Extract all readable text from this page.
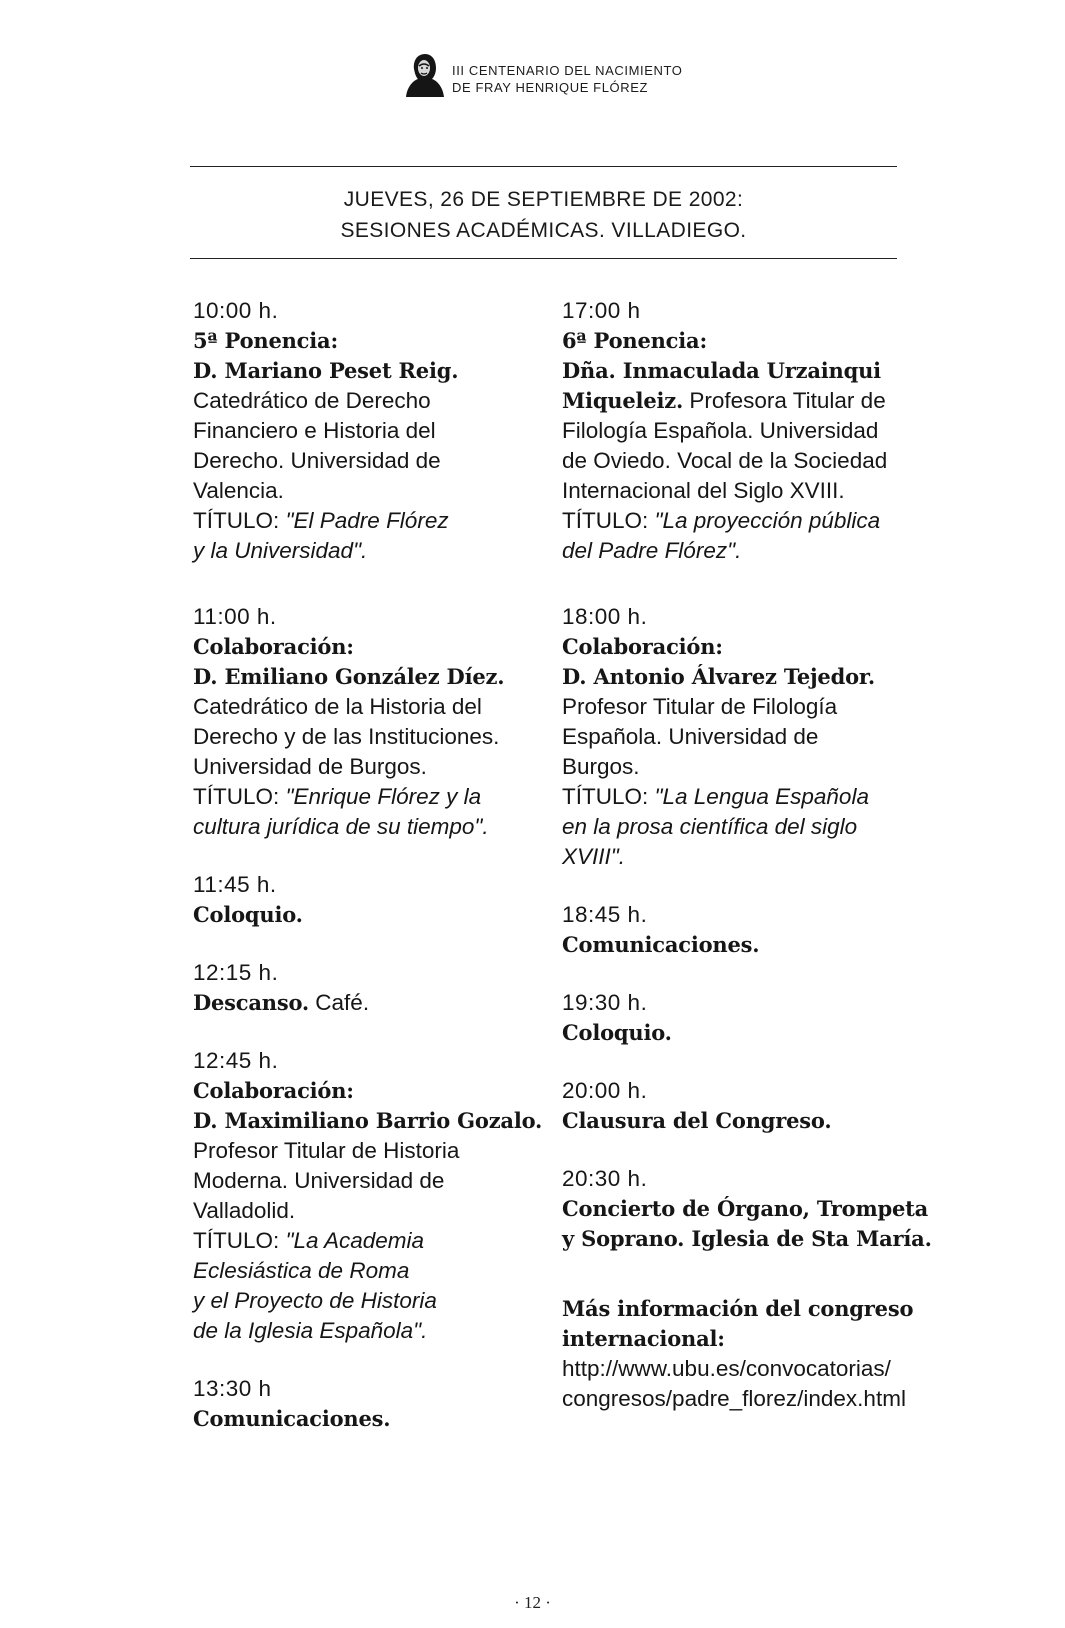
III CENTENARIO DEL NACIMIENTO
DE FRAY HENRIQUE FLÓREZ
JUEVES, 26 DE SEPTIEMBRE DE 2002:
SESIONES ACADÉMICAS. VILLADIEGO.
10:00 h.
5ª Ponencia:
D. Mariano Peset Reig.
Catedrático de Derecho
Financiero e Historia del
Derecho. Universidad de
Valencia.
TÍTULO: "El Padre Flórez
y la Universidad".
11:00 h.
Colaboración:
D. Emiliano González Díez.
Catedrático de la Historia del
Derecho y de las Instituciones.
Universidad de Burgos.
TÍTULO: "Enrique Flórez y la
cultura jurídica de su tiempo".
11:45 h.
Coloquio.
12:15 h.
Descanso. Café.
12:45 h.
Colaboración:
D. Maximiliano Barrio Gozalo.
Profesor Titular de Historia
Moderna. Universidad de
Valladolid.
TÍTULO: "La Academia
Eclesiástica de Roma
y el Proyecto de Historia
de la Iglesia Española".
13:30 h
Comunicaciones.
17:00 h
6ª Ponencia:
Dña. Inmaculada Urzainqui
Miqueleiz. Profesora Titular de
Filología Española. Universidad
de Oviedo. Vocal de la Sociedad
Internacional del Siglo XVIII.
TÍTULO: "La proyección pública
del Padre Flórez".
18:00 h.
Colaboración:
D. Antonio Álvarez Tejedor.
Profesor Titular de Filología
Española. Universidad de
Burgos.
TÍTULO: "La Lengua Española
en la prosa científica del siglo
XVIII".
18:45 h.
Comunicaciones.
19:30 h.
Coloquio.
20:00 h.
Clausura del Congreso.
20:30 h.
Concierto de Órgano, Trompeta
y Soprano. Iglesia de Sta María.
Más información del congreso
internacional:
http://www.ubu.es/convocatorias/
congresos/padre_florez/index.html
· 12 ·
